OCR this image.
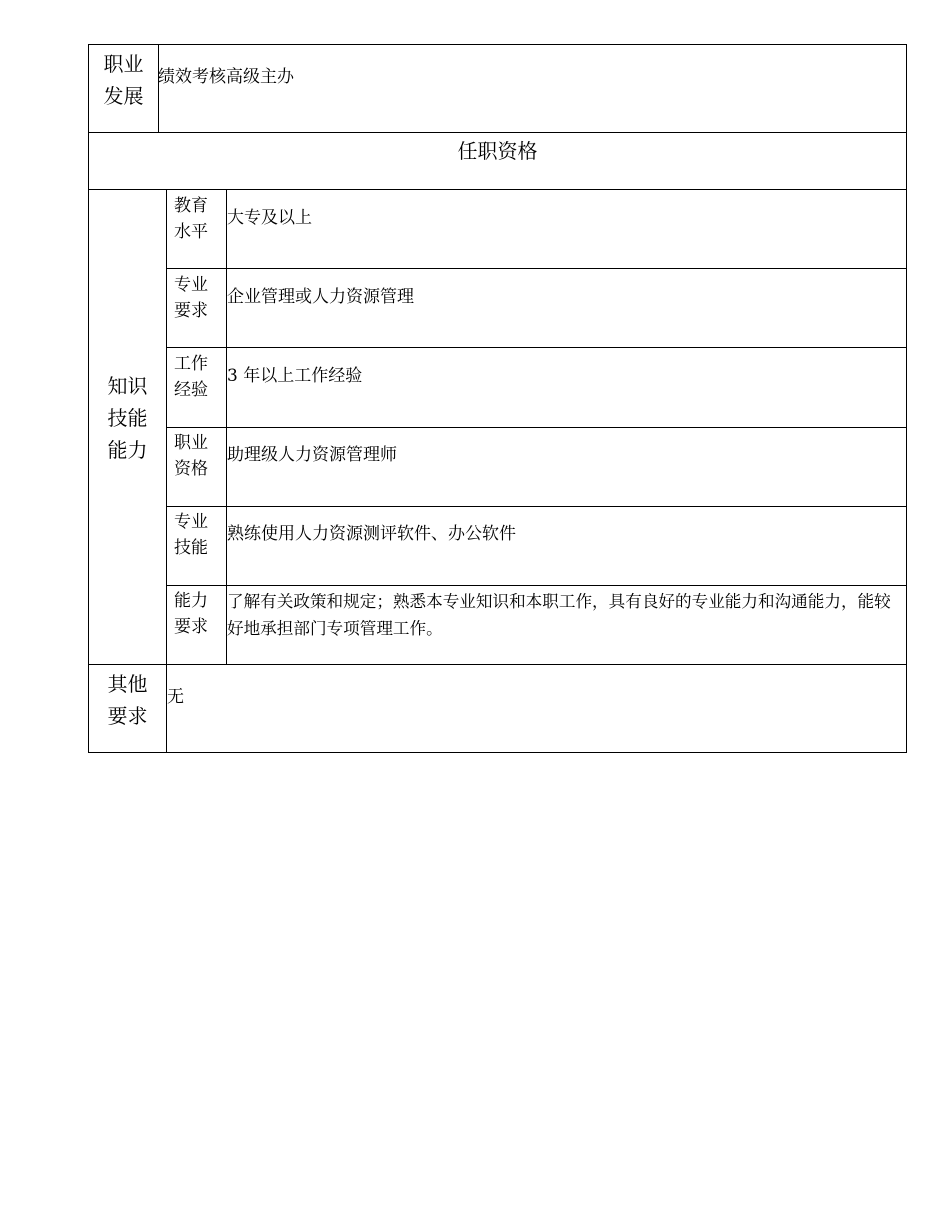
职业
发展
绩效考核高级主办
任职资格
知识
技能
能力
教育
水平
大专及以上
专业
要求
企业管理或人力资源管理
工作
经验
3 年以上工作经验
职业
资格
助理级人力资源管理师
专业
技能
熟练使用人力资源测评软件、办公软件
能力
要求
了解有关政策和规定；熟悉本专业知识和本职工作，具有良好的专业能力和沟通能力，能较好地承担部门专项管理工作。
其他
要求
无
